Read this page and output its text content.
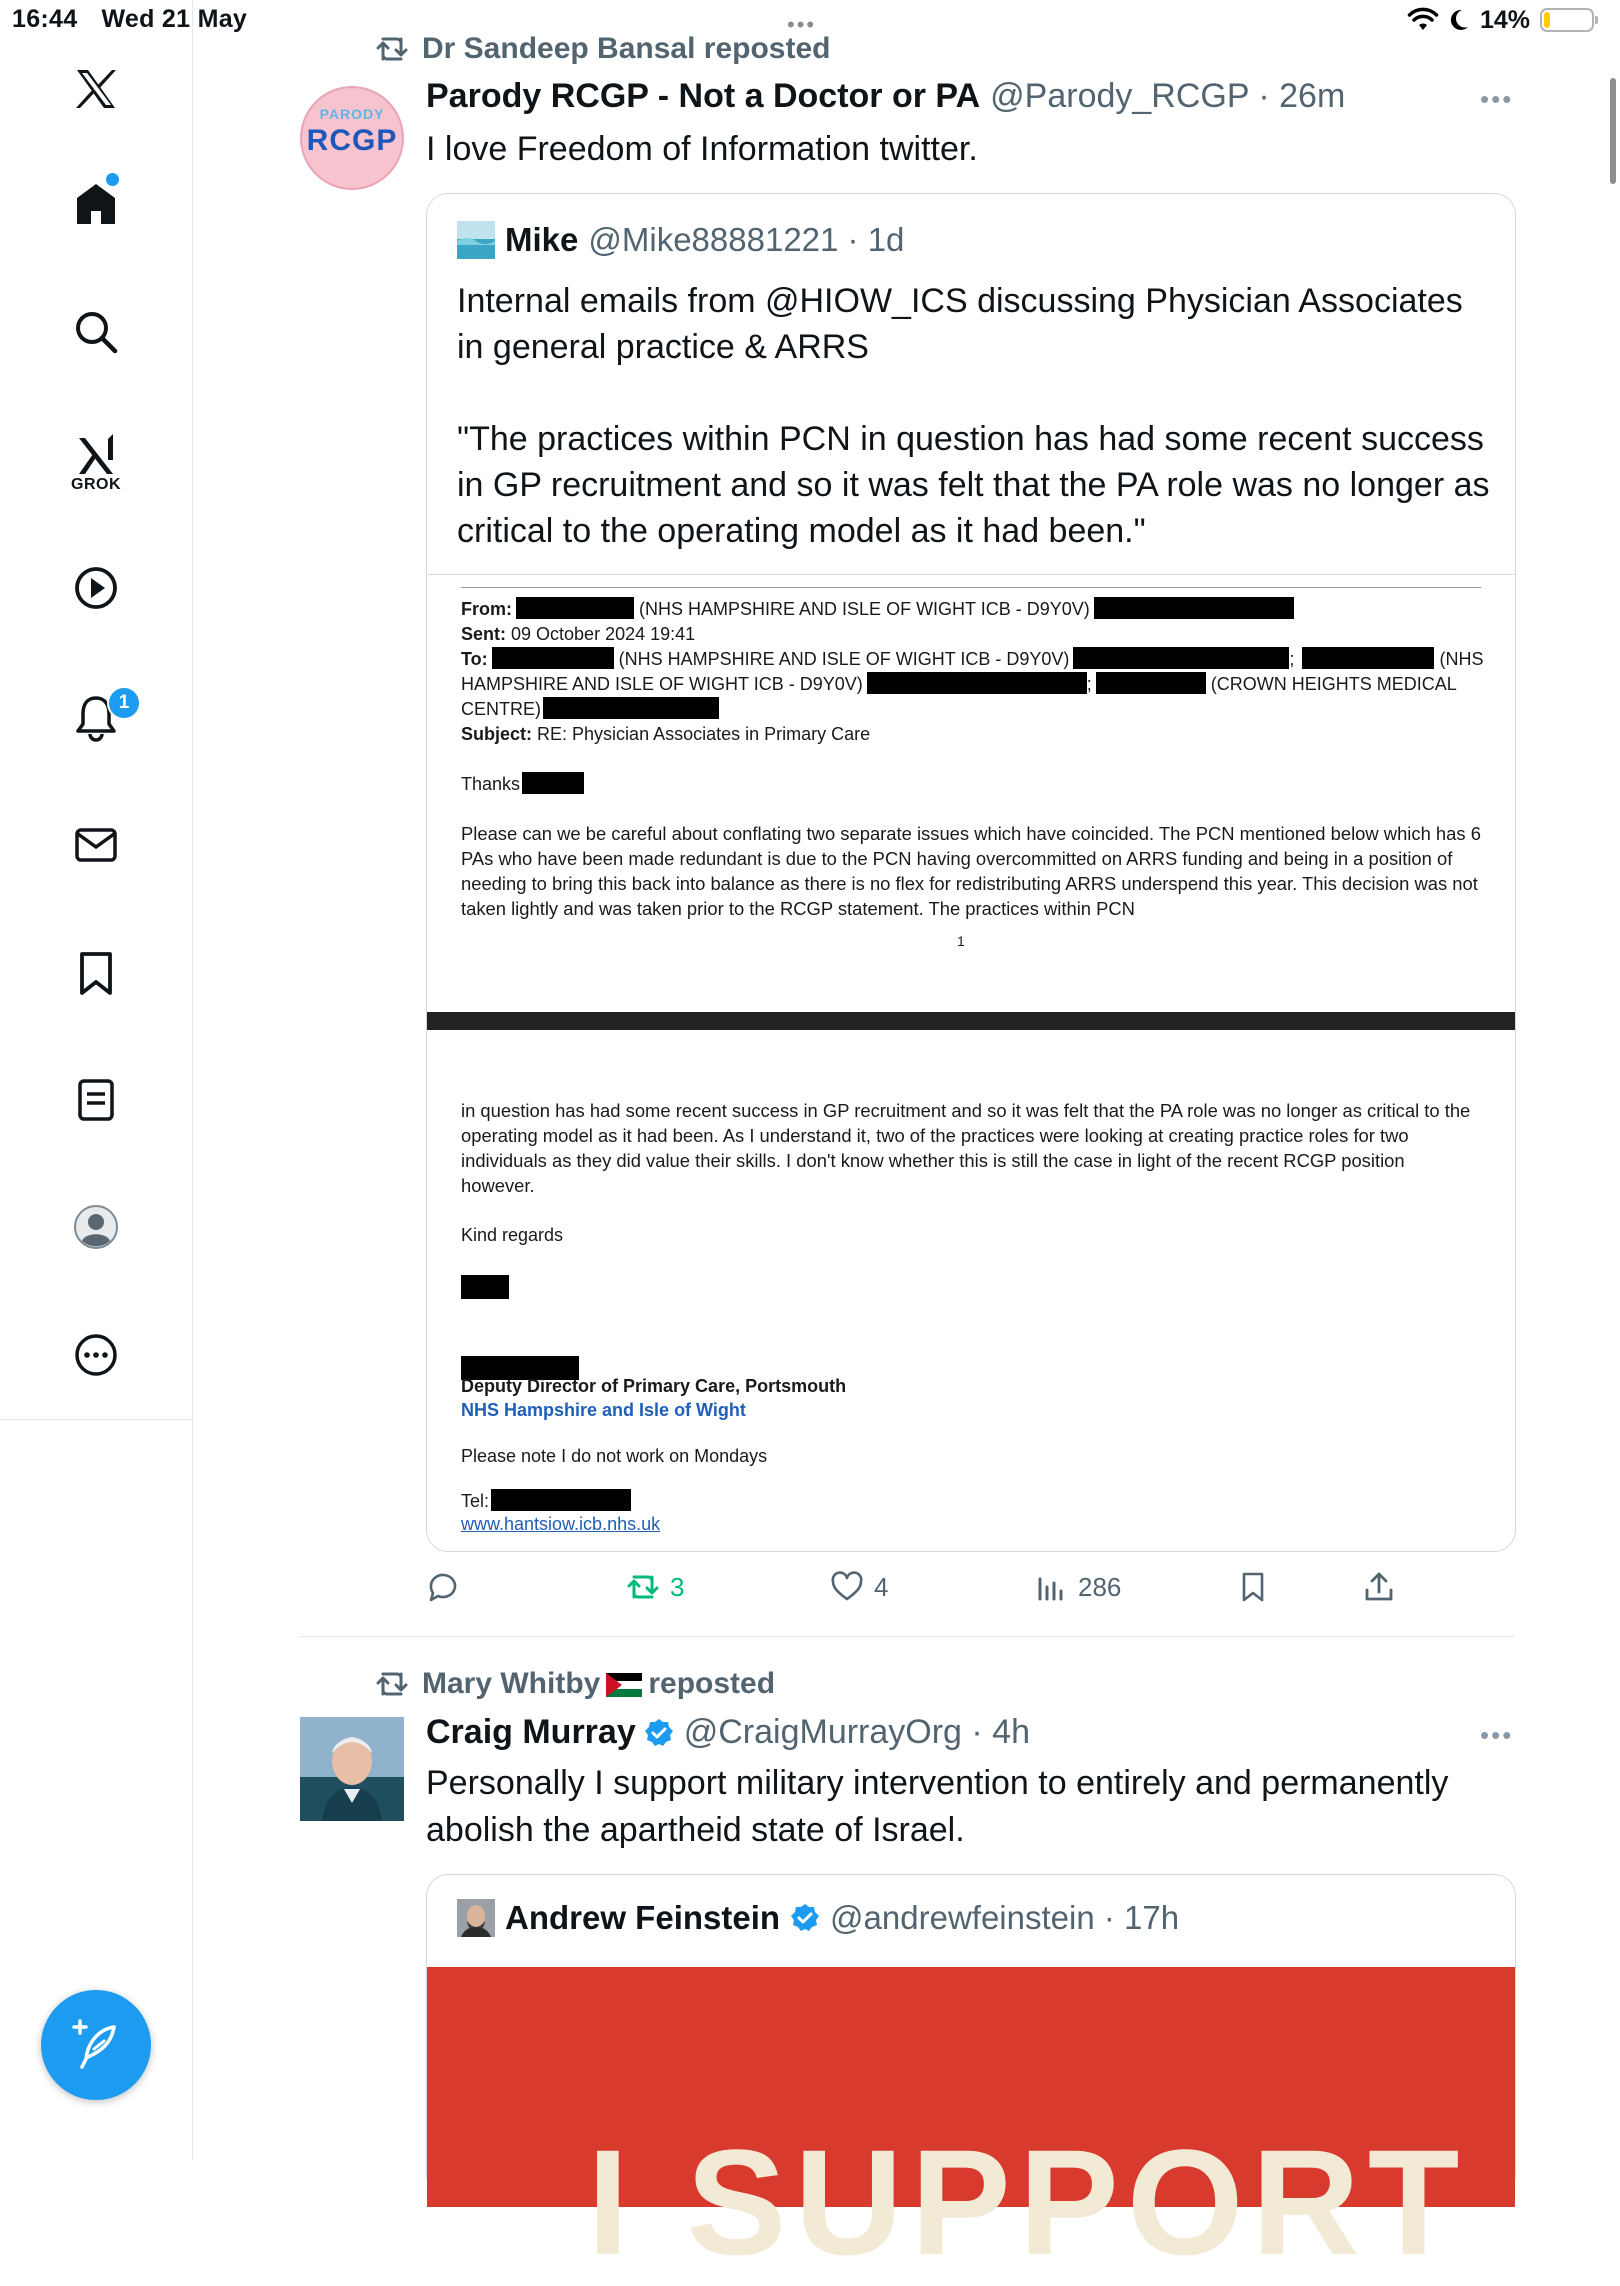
16:44 Wed 21 May	•••	14%
GROK
1
Dr Sandeep Bansal reposted
PARODY
RCGP
Parody RCGP - Not a Doctor or PA @Parody_RCGP · 26m	•••
I love Freedom of Information twitter.
Mike @Mike88881221 · 1d
Internal emails from @HIOW_ICS discussing Physician Associates in general practice & ARRS
"The practices within PCN in question has had some recent success in GP recruitment and so it was felt that the PA role was no longer as critical to the operating model as it had been."
From:	(NHS HAMPSHIRE AND ISLE OF WIGHT ICB - D9Y0V)
Sent: 09 October 2024 19:41
To:	(NHS HAMPSHIRE AND ISLE OF WIGHT ICB - D9Y0V)	;	(NHS
HAMPSHIRE AND ISLE OF WIGHT ICB - D9Y0V)	;	(CROWN HEIGHTS MEDICAL
CENTRE)
Subject: RE: Physician Associates in Primary Care
Thanks
Please can we be careful about conflating two separate issues which have coincided. The PCN mentioned below which has 6 PAs who have been made redundant is due to the PCN having overcommitted on ARRS funding and being in a position of needing to bring this back into balance as there is no flex for redistributing ARRS underspend this year. This decision was not taken lightly and was taken prior to the RCGP statement. The practices within PCN
1
in question has had some recent success in GP recruitment and so it was felt that the PA role was no longer as critical to the operating model as it had been. As I understand it, two of the practices were looking at creating practice roles for two individuals as they did value their skills. I don't know whether this is still the case in light of the recent RCGP position however.
Kind regards
Deputy Director of Primary Care, Portsmouth
NHS Hampshire and Isle of Wight
Please note I do not work on Mondays
Tel:
www.hantsiow.icb.nhs.uk
3	4	286
Mary Whitby reposted
Craig Murray @CraigMurrayOrg · 4h	•••
Personally I support military intervention to entirely and permanently abolish the apartheid state of Israel.
Andrew Feinstein @andrewfeinstein · 17h
I SUPPORT
